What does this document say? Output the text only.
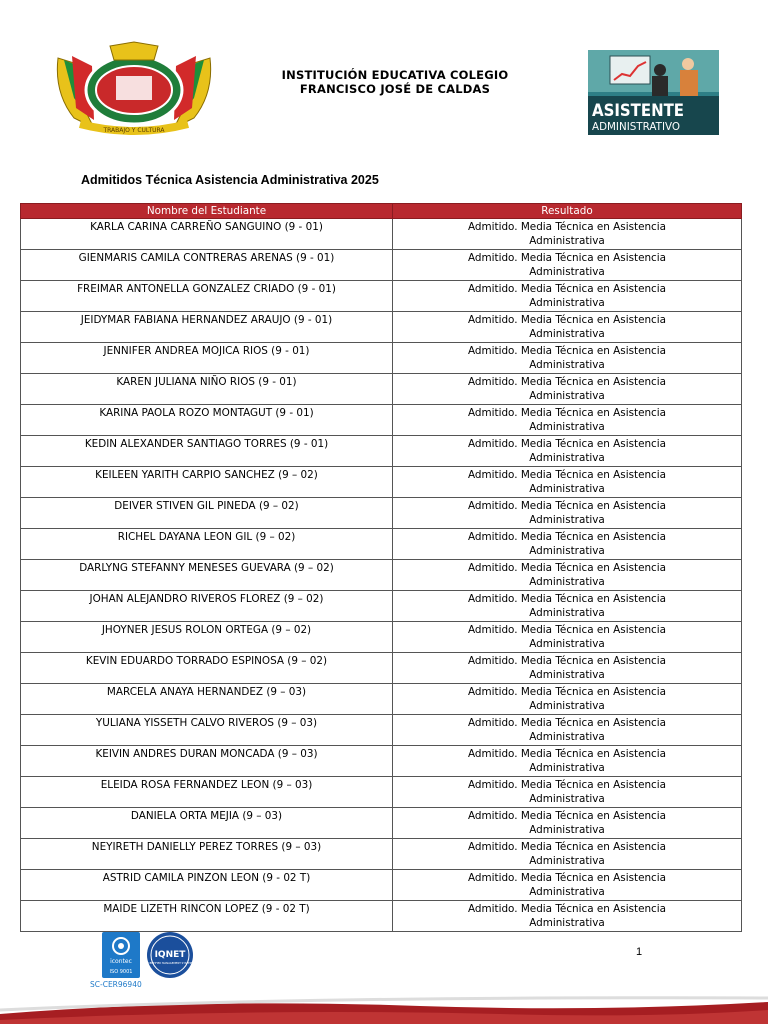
TRABAJO Y CULTURA
INSTITUCIÓN EDUCATIVA COLEGIO
FRANCISCO JOSÉ DE CALDAS
ASISTENTE
ADMINISTRATIVO
Admitidos Técnica Asistencia Administrativa 2025
Nombre del Estudiante	Resultado
KARLA CARINA CARREÑO SANGUINO (9 - 01)	Admitido. Media Técnica en Asistencia
Administrativa

GIENMARIS CAMILA CONTRERAS ARENAS (9 - 01)	Admitido. Media Técnica en Asistencia
Administrativa

FREIMAR ANTONELLA GONZALEZ CRIADO (9 - 01)	Admitido. Media Técnica en Asistencia
Administrativa

JEIDYMAR FABIANA HERNANDEZ ARAUJO (9 - 01)	Admitido. Media Técnica en Asistencia
Administrativa

JENNIFER ANDREA MOJICA RIOS (9 - 01)	Admitido. Media Técnica en Asistencia
Administrativa

KAREN JULIANA NIÑO RIOS (9 - 01)	Admitido. Media Técnica en Asistencia
Administrativa

KARINA PAOLA ROZO MONTAGUT (9 - 01)	Admitido. Media Técnica en Asistencia
Administrativa

KEDIN ALEXANDER SANTIAGO TORRES (9 - 01)	Admitido. Media Técnica en Asistencia
Administrativa

KEILEEN YARITH CARPIO SANCHEZ (9 – 02)	Admitido. Media Técnica en Asistencia
Administrativa

DEIVER STIVEN GIL PINEDA (9 – 02)	Admitido. Media Técnica en Asistencia
Administrativa

RICHEL DAYANA LEON GIL (9 – 02)	Admitido. Media Técnica en Asistencia
Administrativa

DARLYNG STEFANNY MENESES GUEVARA (9 – 02)	Admitido. Media Técnica en Asistencia
Administrativa

JOHAN ALEJANDRO RIVEROS FLOREZ (9 – 02)	Admitido. Media Técnica en Asistencia
Administrativa

JHOYNER JESUS ROLON ORTEGA (9 – 02)	Admitido. Media Técnica en Asistencia
Administrativa

KEVIN EDUARDO TORRADO ESPINOSA (9 – 02)	Admitido. Media Técnica en Asistencia
Administrativa

MARCELA ANAYA HERNANDEZ (9 – 03)	Admitido. Media Técnica en Asistencia
Administrativa

YULIANA YISSETH CALVO RIVEROS (9 – 03)	Admitido. Media Técnica en Asistencia
Administrativa

KEIVIN ANDRES DURAN MONCADA (9 – 03)	Admitido. Media Técnica en Asistencia
Administrativa

ELEIDA ROSA FERNANDEZ LEON (9 – 03)	Admitido. Media Técnica en Asistencia
Administrativa

DANIELA ORTA MEJIA (9 – 03)	Admitido. Media Técnica en Asistencia
Administrativa

NEYIRETH DANIELLY PEREZ TORRES (9 – 03)	Admitido. Media Técnica en Asistencia
Administrativa

ASTRID CAMILA PINZON LEON (9 - 02 T)	Admitido. Media Técnica en Asistencia
Administrativa

MAIDE LIZETH RINCON LOPEZ (9 - 02 T)	Admitido. Media Técnica en Asistencia
Administrativa
icontec
ISO 9001
IQNET
CERTIFIED MANAGEMENT SYSTEM
SC-CER96940
1
